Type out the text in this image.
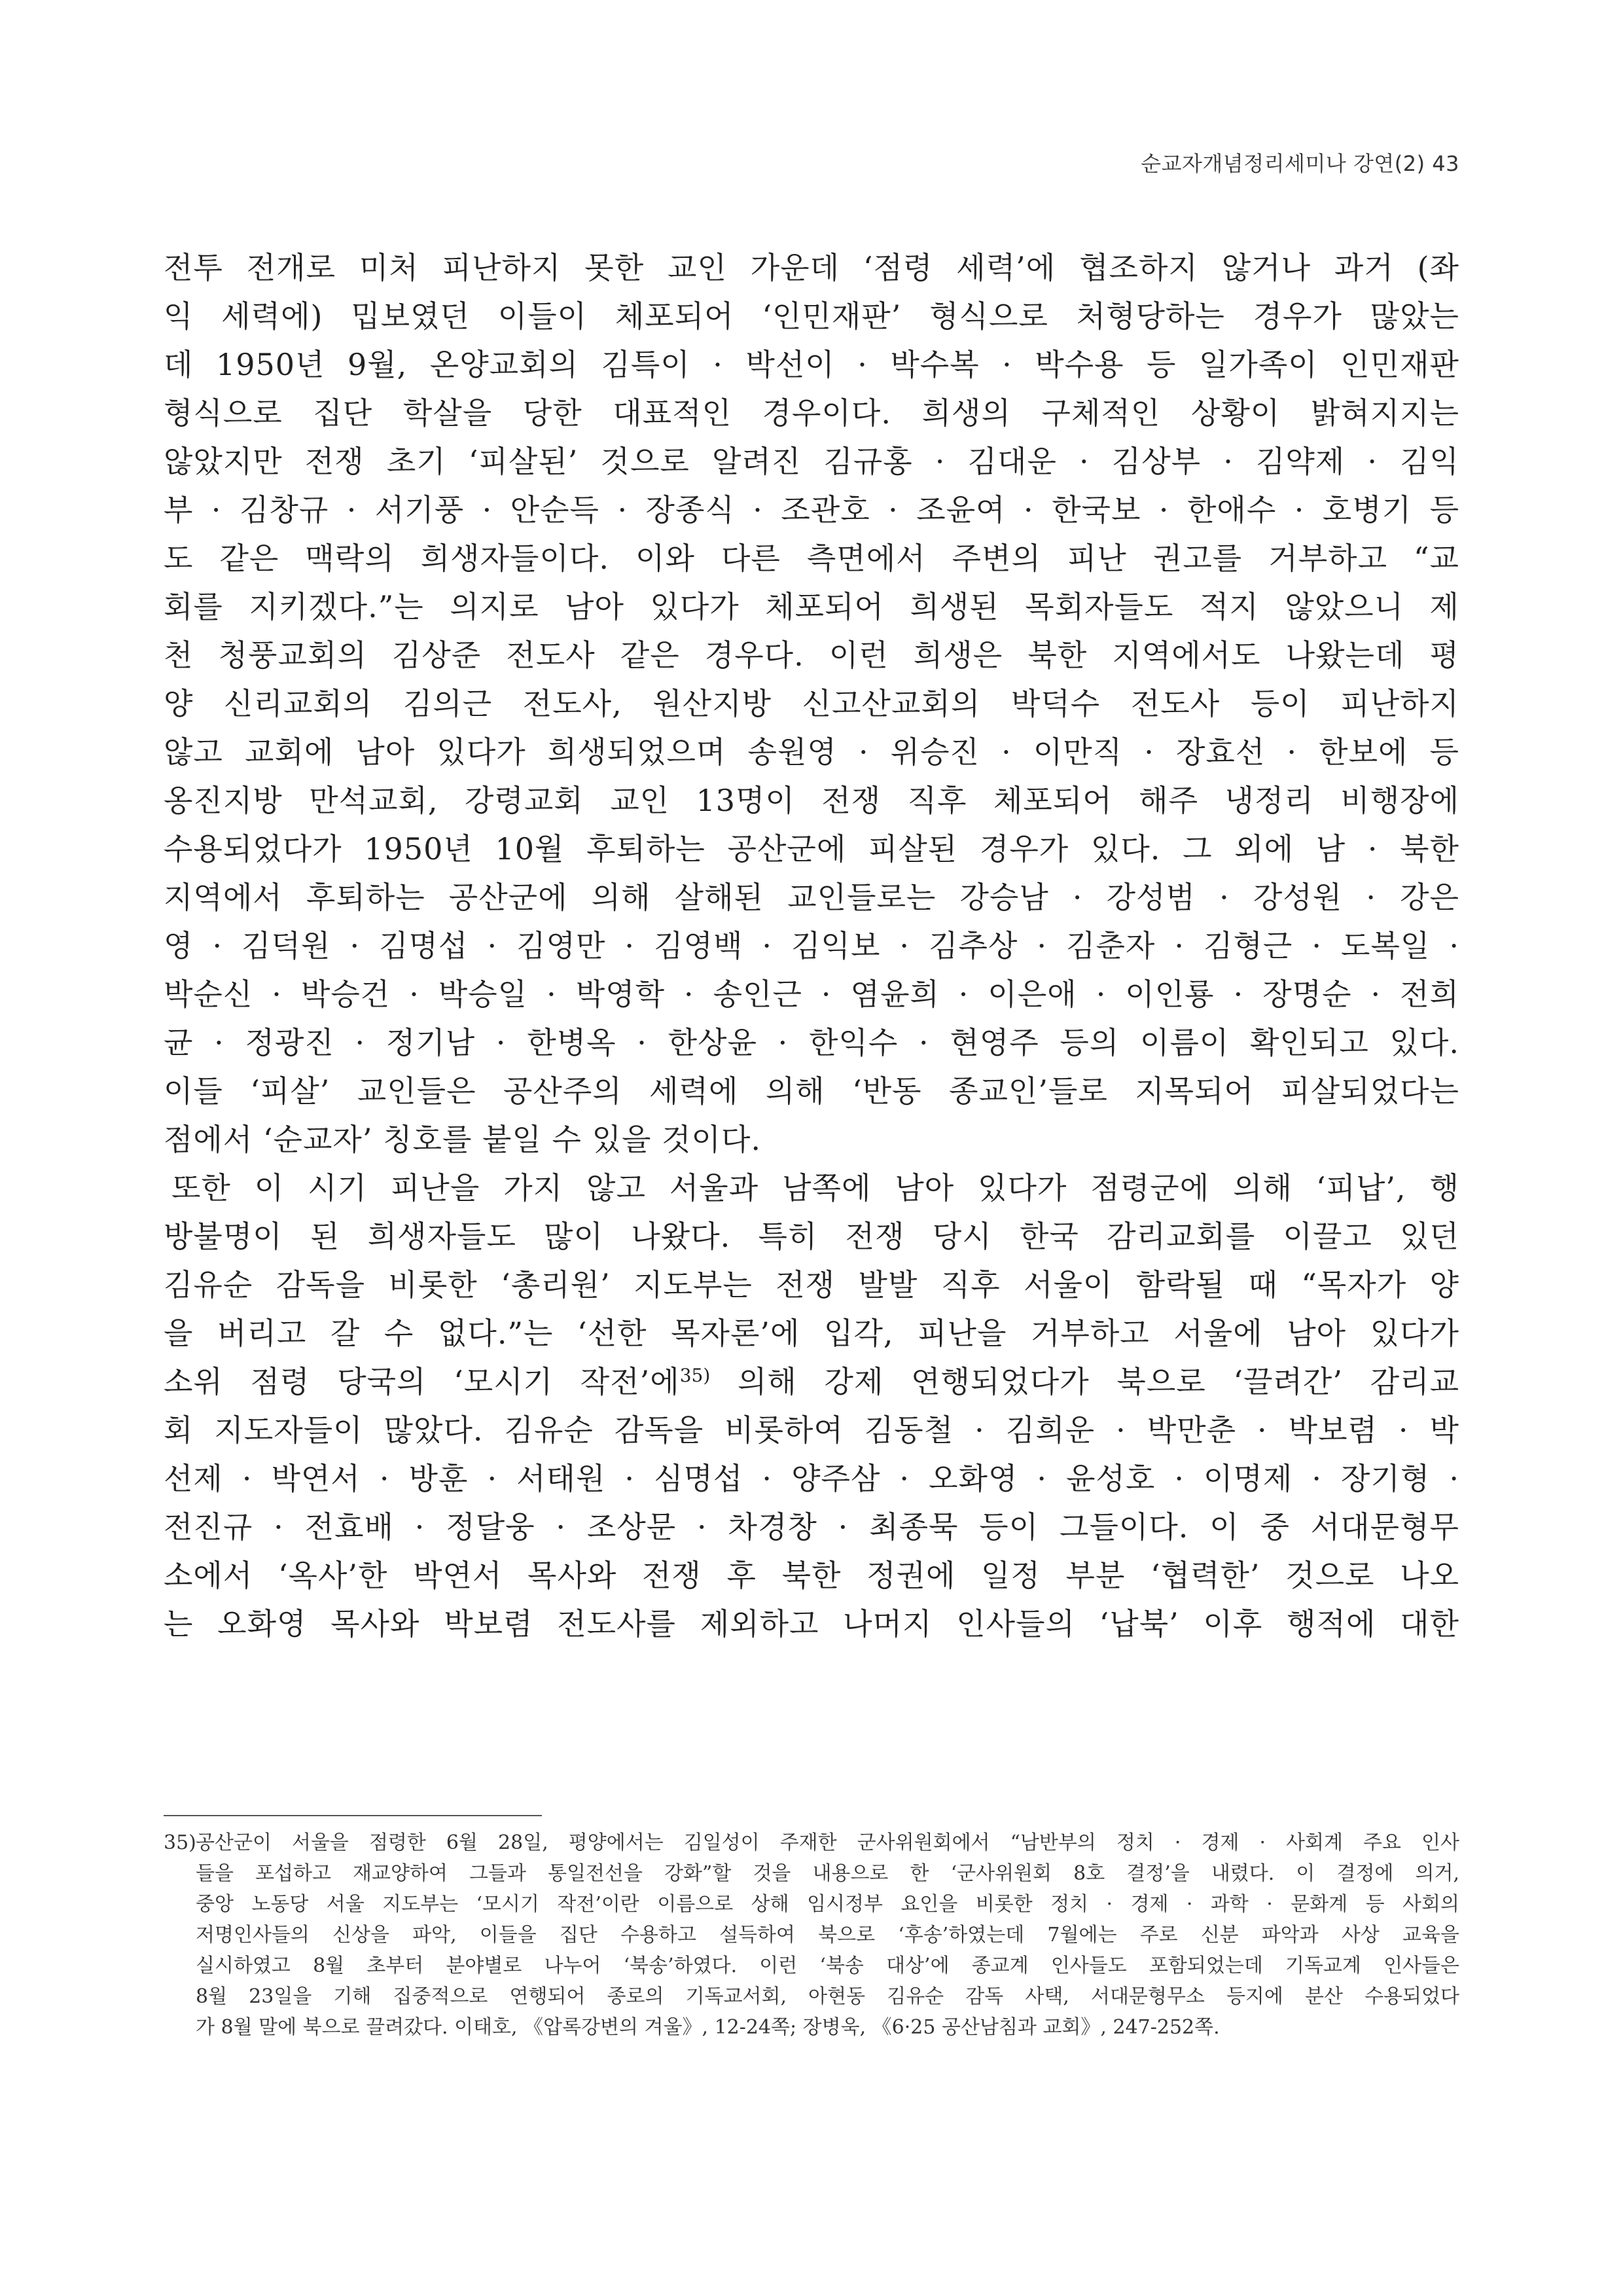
순교자개념정리세미나 강연(2) 43
전투 전개로 미처 피난하지 못한 교인 가운데 ‘점령 세력’에 협조하지 않거나 과거 (좌
익 세력에) 밉보였던 이들이 체포되어 ‘인민재판’ 형식으로 처형당하는 경우가 많았는
데 1950년 9월, 온양교회의 김특이 · 박선이 · 박수복 · 박수용 등 일가족이 인민재판
형식으로 집단 학살을 당한 대표적인 경우이다. 희생의 구체적인 상황이 밝혀지지는
않았지만 전쟁 초기 ‘피살된’ 것으로 알려진 김규홍 · 김대운 · 김상부 · 김약제 · 김익
부 · 김창규 · 서기풍 · 안순득 · 장종식 · 조관호 · 조윤여 · 한국보 · 한애수 · 호병기 등
도 같은 맥락의 희생자들이다. 이와 다른 측면에서 주변의 피난 권고를 거부하고 “교
회를 지키겠다.”는 의지로 남아 있다가 체포되어 희생된 목회자들도 적지 않았으니 제
천 청풍교회의 김상준 전도사 같은 경우다. 이런 희생은 북한 지역에서도 나왔는데 평
양 신리교회의 김의근 전도사, 원산지방 신고산교회의 박덕수 전도사 등이 피난하지
않고 교회에 남아 있다가 희생되었으며 송원영 · 위승진 · 이만직 · 장효선 · 한보에 등
옹진지방 만석교회, 강령교회 교인 13명이 전쟁 직후 체포되어 해주 냉정리 비행장에
수용되었다가 1950년 10월 후퇴하는 공산군에 피살된 경우가 있다. 그 외에 남 · 북한
지역에서 후퇴하는 공산군에 의해 살해된 교인들로는 강승남 · 강성범 · 강성원 · 강은
영 · 김덕원 · 김명섭 · 김영만 · 김영백 · 김익보 · 김추상 · 김춘자 · 김형근 · 도복일 ·
박순신 · 박승건 · 박승일 · 박영학 · 송인근 · 염윤희 · 이은애 · 이인룡 · 장명순 · 전희
균 · 정광진 · 정기남 · 한병옥 · 한상윤 · 한익수 · 현영주 등의 이름이 확인되고 있다.
이들 ‘피살’ 교인들은 공산주의 세력에 의해 ‘반동 종교인’들로 지목되어 피살되었다는
점에서 ‘순교자’ 칭호를 붙일 수 있을 것이다.
또한 이 시기 피난을 가지 않고 서울과 남쪽에 남아 있다가 점령군에 의해 ‘피납’, 행
방불명이 된 희생자들도 많이 나왔다. 특히 전쟁 당시 한국 감리교회를 이끌고 있던
김유순 감독을 비롯한 ‘총리원’ 지도부는 전쟁 발발 직후 서울이 함락될 때 “목자가 양
을 버리고 갈 수 없다.”는 ‘선한 목자론’에 입각, 피난을 거부하고 서울에 남아 있다가
소위 점령 당국의 ‘모시기 작전’에$^{35)}$ 의해 강제 연행되었다가 북으로 ‘끌려간’ 감리교
회 지도자들이 많았다. 김유순 감독을 비롯하여 김동철 · 김희운 · 박만춘 · 박보렴 · 박
선제 · 박연서 · 방훈 · 서태원 · 심명섭 · 양주삼 · 오화영 · 윤성호 · 이명제 · 장기형 ·
전진규 · 전효배 · 정달웅 · 조상문 · 차경창 · 최종묵 등이 그들이다. 이 중 서대문형무
소에서 ‘옥사’한 박연서 목사와 전쟁 후 북한 정권에 일정 부분 ‘협력한’ 것으로 나오
는 오화영 목사와 박보렴 전도사를 제외하고 나머지 인사들의 ‘납북’ 이후 행적에 대한
35)공산군이 서울을 점령한 6월 28일, 평양에서는 김일성이 주재한 군사위원회에서 “남반부의 정치 · 경제 · 사회계 주요 인사
들을 포섭하고 재교양하여 그들과 통일전선을 강화”할 것을 내용으로 한 ‘군사위원회 8호 결정’을 내렸다. 이 결정에 의거,
중앙 노동당 서울 지도부는 ‘모시기 작전’이란 이름으로 상해 임시정부 요인을 비롯한 정치 · 경제 · 과학 · 문화계 등 사회의
저명인사들의 신상을 파악, 이들을 집단 수용하고 설득하여 북으로 ‘후송’하였는데 7월에는 주로 신분 파악과 사상 교육을
실시하였고 8월 초부터 분야별로 나누어 ‘북송’하였다. 이런 ‘북송 대상’에 종교계 인사들도 포함되었는데 기독교계 인사들은
8월 23일을 기해 집중적으로 연행되어 종로의 기독교서회, 아현동 김유순 감독 사택, 서대문형무소 등지에 분산 수용되었다
가 8월 말에 북으로 끌려갔다. 이태호, 《압록강변의 겨울》, 12-24쪽; 장병욱, 《6·25 공산남침과 교회》, 247-252쪽.
